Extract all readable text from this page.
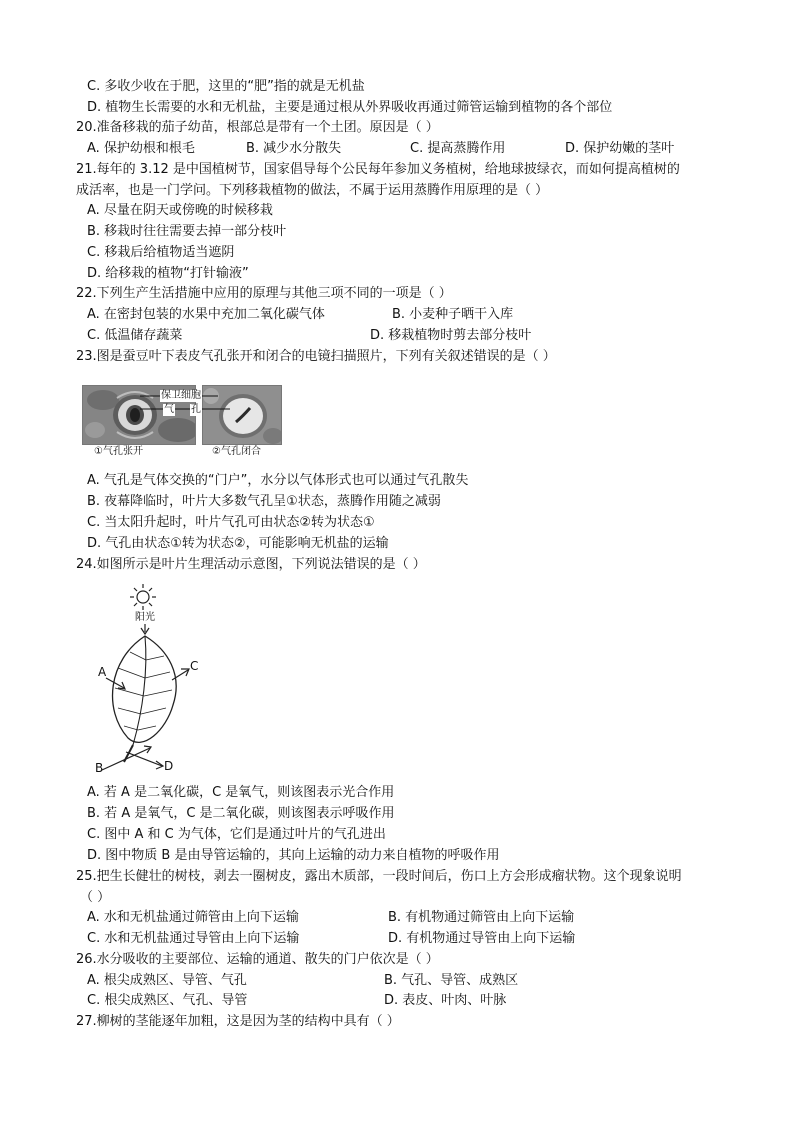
C. 多收少收在于肥，这里的“肥”指的就是无机盐
D. 植物生长需要的水和无机盐，主要是通过根从外界吸收再通过筛管运输到植物的各个部位
20.准备移栽的茄子幼苗，根部总是带有一个土团。原因是（ ）
A. 保护幼根和根毛	B. 减少水分散失	C. 提高蒸腾作用	D. 保护幼嫩的茎叶
21.每年的 3.12 是中国植树节，国家倡导每个公民每年参加义务植树，给地球披绿衣，而如何提高植树的
成活率，也是一门学问。下列移栽植物的做法，不属于运用蒸腾作用原理的是（ ）
A. 尽量在阴天或傍晚的时候移栽
B. 移栽时往往需要去掉一部分枝叶
C. 移栽后给植物适当遮阴
D. 给移栽的植物“打针输液”
22.下列生产生活措施中应用的原理与其他三项不同的一项是（ ）
A. 在密封包装的水果中充加二氧化碳气体	B. 小麦种子晒干入库
C. 低温储存蔬菜	D. 移栽植物时剪去部分枝叶
23.图是蚕豆叶下表皮气孔张开和闭合的电镜扫描照片，下列有关叙述错误的是（ ）
保卫细胞
气 孔
①气孔张开	②气孔闭合
A. 气孔是气体交换的“门户”，水分以气体形式也可以通过气孔散失
B. 夜幕降临时，叶片大多数气孔呈①状态，蒸腾作用随之减弱
C. 当太阳升起时，叶片气孔可由状态②转为状态①
D. 气孔由状态①转为状态②，可能影响无机盐的运输
24.如图所示是叶片生理活动示意图，下列说法错误的是（ ）
阳光
A	C
B	D
A. 若 A 是二氧化碳，C 是氧气，则该图表示光合作用
B. 若 A 是氧气，C 是二氧化碳，则该图表示呼吸作用
C. 图中 A 和 C 为气体，它们是通过叶片的气孔进出
D. 图中物质 B 是由导管运输的，其向上运输的动力来自植物的呼吸作用
25.把生长健壮的树枝，剥去一圈树皮，露出木质部，一段时间后，伤口上方会形成瘤状物。这个现象说明
（ ）
A. 水和无机盐通过筛管由上向下运输	B. 有机物通过筛管由上向下运输
C. 水和无机盐通过导管由上向下运输	D. 有机物通过导管由上向下运输
26.水分吸收的主要部位、运输的通道、散失的门户依次是（ ）
A. 根尖成熟区、导管、气孔	B. 气孔、导管、成熟区
C. 根尖成熟区、气孔、导管	D. 表皮、叶肉、叶脉
27.柳树的茎能逐年加粗，这是因为茎的结构中具有（ ）
